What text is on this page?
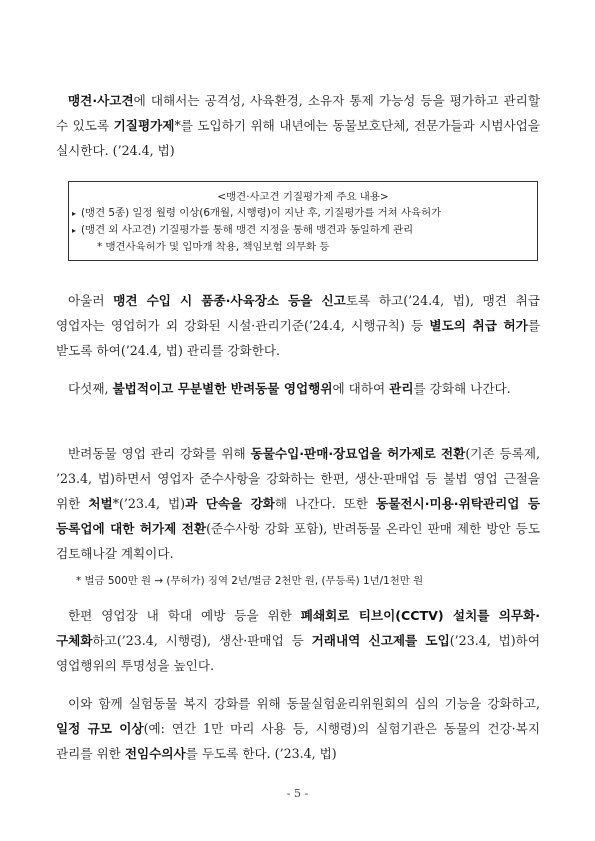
맹견·사고견에 대해서는 공격성, 사육환경, 소유자 통제 가능성 등을 평가하고 관리할 수 있도록 기질평가제*를 도입하기 위해 내년에는 동물보호단체, 전문가들과 시범사업을 실시한다. (’24.4, 법)
<맹견·사고견 기질평가제 주요 내용>
▸ (맹견 5종) 일정 월령 이상(6개월, 시행령)이 지난 후, 기질평가를 거쳐 사육허가
▸ (맹견 외 사고견) 기질평가를 통해 맹견 지정을 통해 맹견과 동일하게 관리
* 맹견사육허가 및 입마개 착용, 책임보험 의무화 등
아울러 맹견 수입 시 품종·사육장소 등을 신고토록 하고(’24.4, 법), 맹견 취급 영업자는 영업허가 외 강화된 시설·관리기준(’24.4, 시행규칙) 등 별도의 취급 허가를 받도록 하여(’24.4, 법) 관리를 강화한다.
다섯째, 불법적이고 무분별한 반려동물 영업행위에 대하여 관리를 강화해 나간다.
반려동물 영업 관리 강화를 위해 동물수입·판매·장묘업을 허가제로 전환(기존 등록제, ’23.4, 법)하면서 영업자 준수사항을 강화하는 한편, 생산·판매업 등 불법 영업 근절을 위한 처벌*(’23.4, 법)과 단속을 강화해 나간다. 또한 동물전시·미용·위탁관리업 등 등록업에 대한 허가제 전환(준수사항 강화 포함), 반려동물 온라인 판매 제한 방안 등도 검토해나갈 계획이다.
* 벌금 500만 원 → (무허가) 징역 2년/벌금 2천만 원, (무등록) 1년/1천만 원
한편 영업장 내 학대 예방 등을 위한 폐쇄회로 티브이(CCTV) 설치를 의무화·구체화하고(’23.4, 시행령), 생산·판매업 등 거래내역 신고제를 도입(’23.4, 법)하여 영업행위의 투명성을 높인다.
이와 함께 실험동물 복지 강화를 위해 동물실험윤리위원회의 심의 기능을 강화하고, 일정 규모 이상(예: 연간 1만 마리 사용 등, 시행령)의 실험기관은 동물의 건강·복지 관리를 위한 전임수의사를 두도록 한다. (’23.4, 법)
- 5 -
